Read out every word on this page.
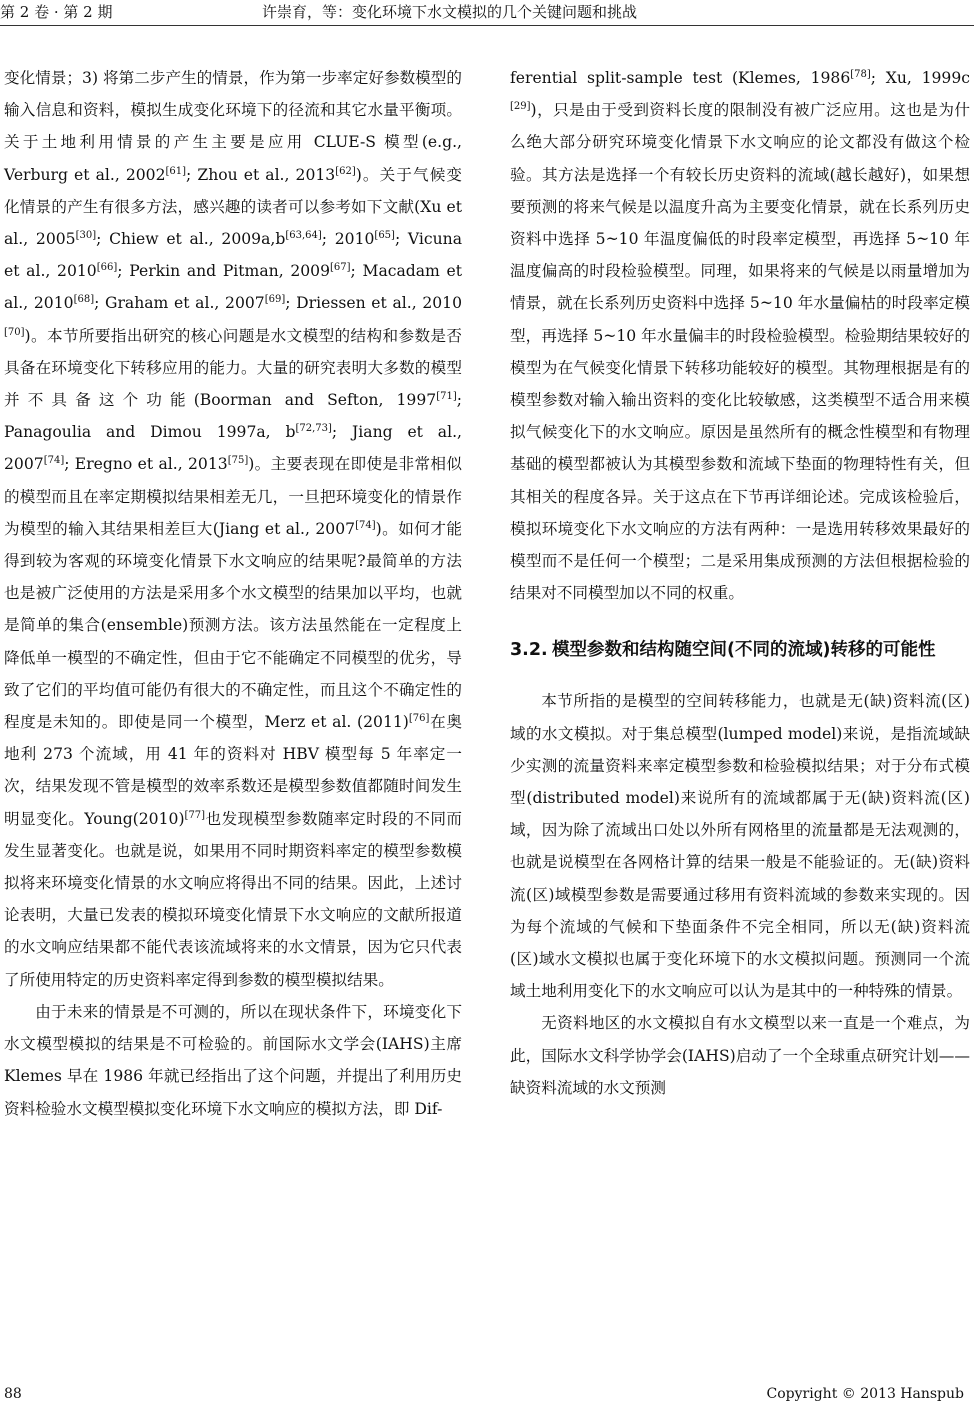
第 2 卷 · 第 2 期	许崇育，等：变化环境下水文模拟的几个关键问题和挑战

变化情景；3) 将第二步产生的情景，作为第一步率定好参数模型的输入信息和资料，模拟生成变化环境下的径流和其它水量平衡项。关于土地利用情景的产生主要是应用 CLUE-S 模型(e.g., Verburg et al., 2002[61]; Zhou et al., 2013[62])。关于气候变化情景的产生有很多方法，感兴趣的读者可以参考如下文献(Xu et al., 2005[30]; Chiew et al., 2009a,b[63,64]; 2010[65]; Vicuna et al., 2010[66]; Perkin and Pitman, 2009[67]; Macadam et al., 2010[68]; Graham et al., 2007[69]; Driessen et al., 2010 [70])。本节所要指出研究的核心问题是水文模型的结构和参数是否具备在环境变化下转移应用的能力。大量的研究表明大多数的模型并不具备这个功能(Boorman and Sefton, 1997[71]; Panagoulia and Dimou 1997a, b[72,73]; Jiang et al., 2007[74]; Eregno et al., 2013[75])。主要表现在即使是非常相似的模型而且在率定期模拟结果相差无几，一旦把环境变化的情景作为模型的输入其结果相差巨大(Jiang et al., 2007[74])。如何才能得到较为客观的环境变化情景下水文响应的结果呢?最简单的方法也是被广泛使用的方法是采用多个水文模型的结果加以平均，也就是简单的集合(ensemble)预测方法。该方法虽然能在一定程度上降低单一模型的不确定性，但由于它不能确定不同模型的优劣，导致了它们的平均值可能仍有很大的不确定性，而且这个不确定性的程度是未知的。即使是同一个模型，Merz et al. (2011)[76]在奥地利 273 个流域，用 41 年的资料对 HBV 模型每 5 年率定一次，结果发现不管是模型的效率系数还是模型参数值都随时间发生明显变化。Young(2010)[77]也发现模型参数随率定时段的不同而发生显著变化。也就是说，如果用不同时期资料率定的模型参数模拟将来环境变化情景的水文响应将得出不同的结果。因此，上述讨论表明，大量已发表的模拟环境变化情景下水文响应的文献所报道的水文响应结果都不能代表该流域将来的水文情景，因为它只代表了所使用特定的历史资料率定得到参数的模型模拟结果。

由于未来的情景是不可测的，所以在现状条件下，环境变化下水文模型模拟的结果是不可检验的。前国际水文学会(IAHS)主席 Klemes 早在 1986 年就已经指出了这个问题，并提出了利用历史资料检验水文模型模拟变化环境下水文响应的模拟方法，即 Dif-

ferential split-sample test (Klemes, 1986[78]; Xu, 1999c [29])，只是由于受到资料长度的限制没有被广泛应用。这也是为什么绝大部分研究环境变化情景下水文响应的论文都没有做这个检验。其方法是选择一个有较长历史资料的流域(越长越好)，如果想要预测的将来气候是以温度升高为主要变化情景，就在长系列历史资料中选择 5~10 年温度偏低的时段率定模型，再选择 5~10 年温度偏高的时段检验模型。同理，如果将来的气候是以雨量增加为情景，就在长系列历史资料中选择 5~10 年水量偏枯的时段率定模型，再选择 5~10 年水量偏丰的时段检验模型。检验期结果较好的模型为在气候变化情景下转移功能较好的模型。其物理根据是有的模型参数对输入输出资料的变化比较敏感，这类模型不适合用来模拟气候变化下的水文响应。原因是虽然所有的概念性模型和有物理基础的模型都被认为其模型参数和流域下垫面的物理特性有关，但其相关的程度各异。关于这点在下节再详细论述。完成该检验后，模拟环境变化下水文响应的方法有两种：一是选用转移效果最好的模型而不是任何一个模型；二是采用集成预测的方法但根据检验的结果对不同模型加以不同的权重。

3.2. 模型参数和结构随空间(不同的流域)转移的可能性

本节所指的是模型的空间转移能力，也就是无(缺)资料流(区)域的水文模拟。对于集总模型(lumped model)来说，是指流域缺少实测的流量资料来率定模型参数和检验模拟结果；对于分布式模型(distributed model)来说所有的流域都属于无(缺)资料流(区)域，因为除了流域出口处以外所有网格里的流量都是无法观测的，也就是说模型在各网格计算的结果一般是不能验证的。无(缺)资料流(区)域模型参数是需要通过移用有资料流域的参数来实现的。因为每个流域的气候和下垫面条件不完全相同，所以无(缺)资料流(区)域水文模拟也属于变化环境下的水文模拟问题。预测同一个流域土地利用变化下的水文响应可以认为是其中的一种特殊的情景。

无资料地区的水文模拟自有水文模型以来一直是一个难点，为此，国际水文科学协学会(IAHS)启动了一个全球重点研究计划——缺资料流域的水文预测

88	Copyright © 2013 Hanspub
